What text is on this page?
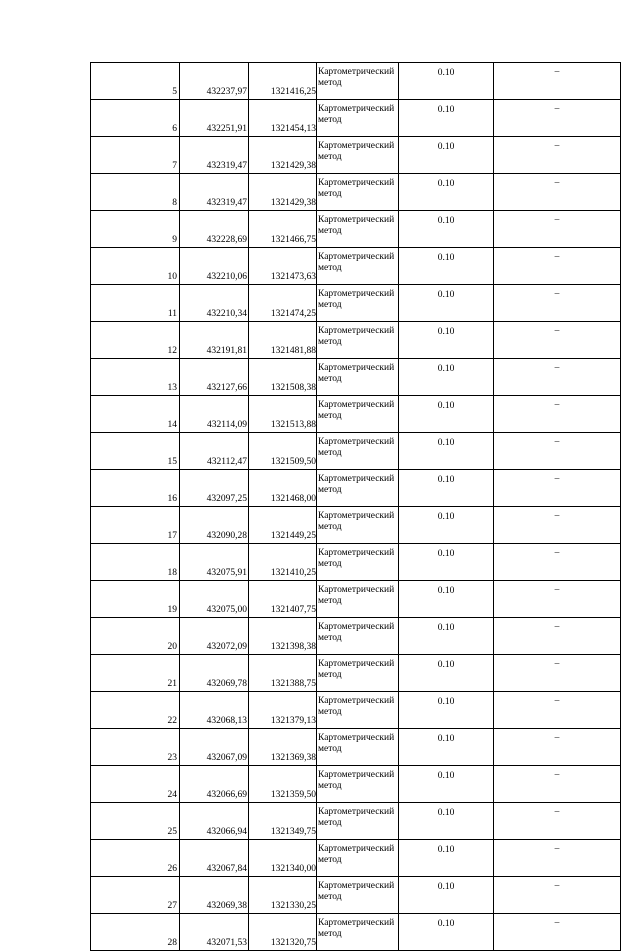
5	432237,97	1321416,25	Картометрический метод	0.10	–
6	432251,91	1321454,13	Картометрический метод	0.10	–
7	432319,47	1321429,38	Картометрический метод	0.10	–
8	432319,47	1321429,38	Картометрический метод	0.10	–
9	432228,69	1321466,75	Картометрический метод	0.10	–
10	432210,06	1321473,63	Картометрический метод	0.10	–
11	432210,34	1321474,25	Картометрический метод	0.10	–
12	432191,81	1321481,88	Картометрический метод	0.10	–
13	432127,66	1321508,38	Картометрический метод	0.10	–
14	432114,09	1321513,88	Картометрический метод	0.10	–
15	432112,47	1321509,50	Картометрический метод	0.10	–
16	432097,25	1321468,00	Картометрический метод	0.10	–
17	432090,28	1321449,25	Картометрический метод	0.10	–
18	432075,91	1321410,25	Картометрический метод	0.10	–
19	432075,00	1321407,75	Картометрический метод	0.10	–
20	432072,09	1321398,38	Картометрический метод	0.10	–
21	432069,78	1321388,75	Картометрический метод	0.10	–
22	432068,13	1321379,13	Картометрический метод	0.10	–
23	432067,09	1321369,38	Картометрический метод	0.10	–
24	432066,69	1321359,50	Картометрический метод	0.10	–
25	432066,94	1321349,75	Картометрический метод	0.10	–
26	432067,84	1321340,00	Картометрический метод	0.10	–
27	432069,38	1321330,25	Картометрический метод	0.10	–
28	432071,53	1321320,75	Картометрический метод	0.10	–
